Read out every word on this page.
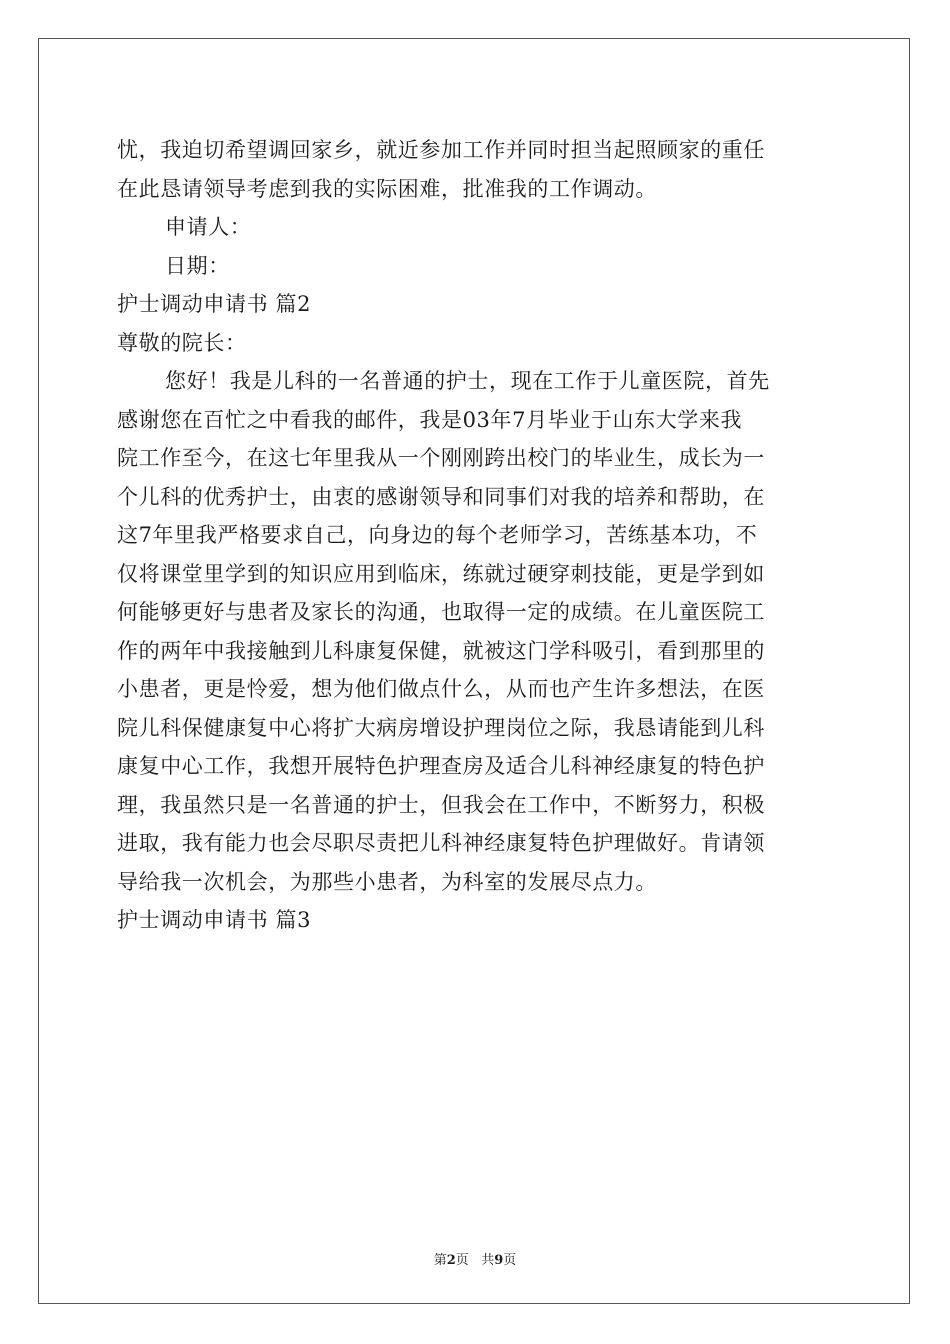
忧，我迫切希望调回家乡，就近参加工作并同时担当起照顾家的重任
在此恳请领导考虑到我的实际困难，批准我的工作调动。
申请人：
日期：
护士调动申请书 篇2
尊敬的院长：
您好！我是儿科的一名普通的护士，现在工作于儿童医院，首先
感谢您在百忙之中看我的邮件，我是03年7月毕业于山东大学来我
院工作至今，在这七年里我从一个刚刚跨出校门的毕业生，成长为一
个儿科的优秀护士，由衷的感谢领导和同事们对我的培养和帮助，在
这7年里我严格要求自己，向身边的每个老师学习，苦练基本功，不
仅将课堂里学到的知识应用到临床，练就过硬穿刺技能，更是学到如
何能够更好与患者及家长的沟通，也取得一定的成绩。在儿童医院工
作的两年中我接触到儿科康复保健，就被这门学科吸引，看到那里的
小患者，更是怜爱，想为他们做点什么，从而也产生许多想法，在医
院儿科保健康复中心将扩大病房增设护理岗位之际，我恳请能到儿科
康复中心工作，我想开展特色护理查房及适合儿科神经康复的特色护
理，我虽然只是一名普通的护士，但我会在工作中，不断努力，积极
进取，我有能力也会尽职尽责把儿科神经康复特色护理做好。肯请领
导给我一次机会，为那些小患者，为科室的发展尽点力。
护士调动申请书 篇3
第2页 共9页
